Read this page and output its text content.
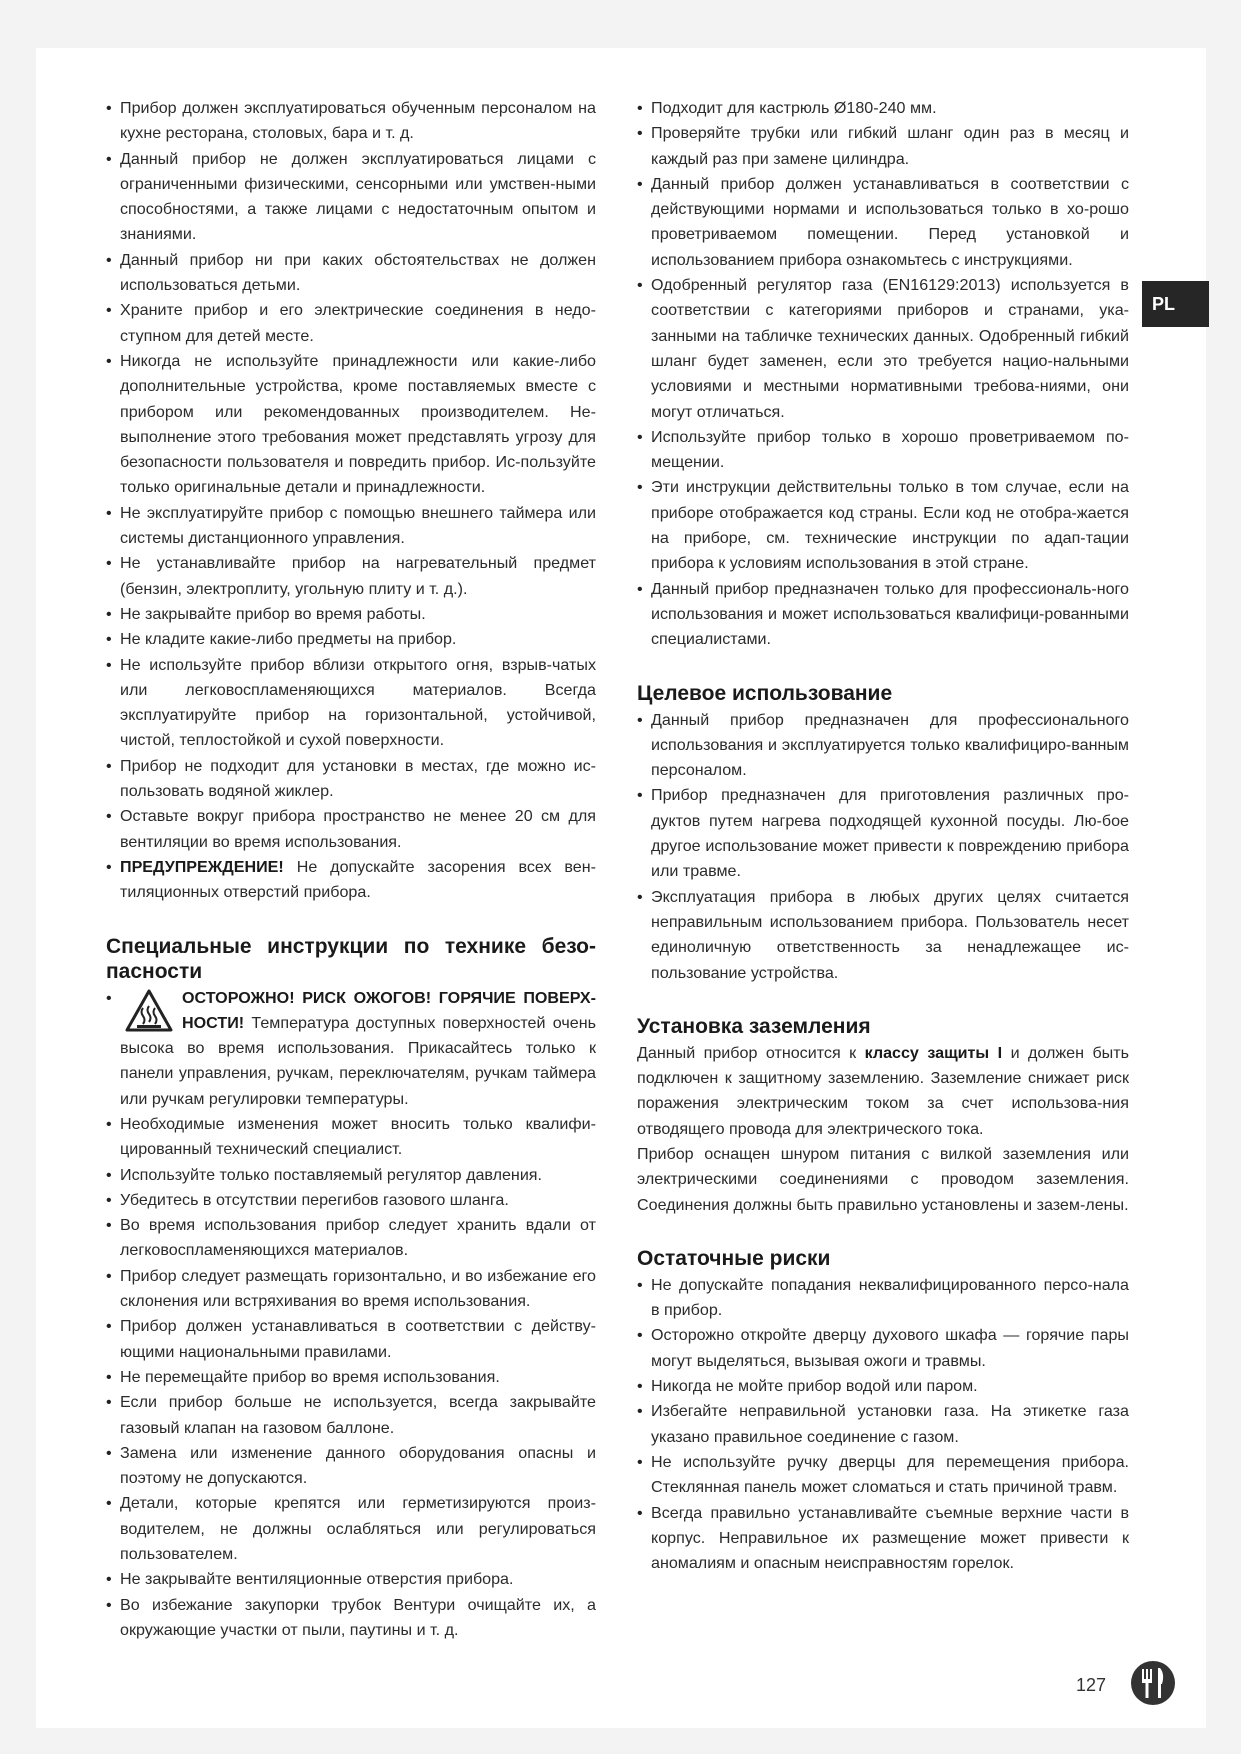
PL
• Прибор должен эксплуатироваться обученным персоналом на кухне ресторана, столовых, бара и т. д.
• Данный прибор не должен эксплуатироваться лицами с ограниченными физическими, сенсорными или умствен-ными способностями, а также лицами с недостаточным опытом и знаниями.
• Данный прибор ни при каких обстоятельствах не должен использоваться детьми.
• Храните прибор и его электрические соединения в недо-ступном для детей месте.
• Никогда не используйте принадлежности или какие-либо дополнительные устройства, кроме поставляемых вместе с прибором или рекомендованных производителем. Не-выполнение этого требования может представлять угрозу для безопасности пользователя и повредить прибор. Ис-пользуйте только оригинальные детали и принадлежности.
• Не эксплуатируйте прибор с помощью внешнего таймера или системы дистанционного управления.
• Не устанавливайте прибор на нагревательный предмет (бензин, электроплиту, угольную плиту и т. д.).
• Не закрывайте прибор во время работы.
• Не кладите какие-либо предметы на прибор.
• Не используйте прибор вблизи открытого огня, взрыв-чатых или легковоспламеняющихся материалов. Всегда эксплуатируйте прибор на горизонтальной, устойчивой, чистой, теплостойкой и сухой поверхности.
• Прибор не подходит для установки в местах, где можно ис-пользовать водяной жиклер.
• Оставьте вокруг прибора пространство не менее 20 см для вентиляции во время использования.
• ПРЕДУПРЕЖДЕНИЕ! Не допускайте засорения всех вен-тиляционных отверстий прибора.
Специальные инструкции по технике безо-пасности
• ОСТОРОЖНО! РИСК ОЖОГОВ! ГОРЯЧИЕ ПОВЕРХ-НОСТИ! Температура доступных поверхностей очень высока во время использования. Прикасайтесь только к панели управления, ручкам, переключателям, ручкам таймера или ручкам регулировки температуры.
• Необходимые изменения может вносить только квалифи-цированный технический специалист.
• Используйте только поставляемый регулятор давления.
• Убедитесь в отсутствии перегибов газового шланга.
• Во время использования прибор следует хранить вдали от легковоспламеняющихся материалов.
• Прибор следует размещать горизонтально, и во избежание его склонения или встряхивания во время использования.
• Прибор должен устанавливаться в соответствии с действу-ющими национальными правилами.
• Не перемещайте прибор во время использования.
• Если прибор больше не используется, всегда закрывайте газовый клапан на газовом баллоне.
• Замена или изменение данного оборудования опасны и поэтому не допускаются.
• Детали, которые крепятся или герметизируются произ-водителем, не должны ослабляться или регулироваться пользователем.
• Не закрывайте вентиляционные отверстия прибора.
• Во избежание закупорки трубок Вентури очищайте их, а окружающие участки от пыли, паутины и т. д.
• Подходит для кастрюль Ø180-240 мм.
• Проверяйте трубки или гибкий шланг один раз в месяц и каждый раз при замене цилиндра.
• Данный прибор должен устанавливаться в соответствии с действующими нормами и использоваться только в хо-рошо проветриваемом помещении. Перед установкой и использованием прибора ознакомьтесь с инструкциями.
• Одобренный регулятор газа (EN16129:2013) используется в соответствии с категориями приборов и странами, ука-занными на табличке технических данных. Одобренный гибкий шланг будет заменен, если это требуется нацио-нальными условиями и местными нормативными требова-ниями, они могут отличаться.
• Используйте прибор только в хорошо проветриваемом по-мещении.
• Эти инструкции действительны только в том случае, если на приборе отображается код страны. Если код не отобра-жается на приборе, см. технические инструкции по адап-тации прибора к условиям использования в этой стране.
• Данный прибор предназначен только для профессиональ-ного использования и может использоваться квалифици-рованными специалистами.
Целевое использование
• Данный прибор предназначен для профессионального использования и эксплуатируется только квалифициро-ванным персоналом.
• Прибор предназначен для приготовления различных про-дуктов путем нагрева подходящей кухонной посуды. Лю-бое другое использование может привести к повреждению прибора или травме.
• Эксплуатация прибора в любых других целях считается неправильным использованием прибора. Пользователь несет единоличную ответственность за ненадлежащее ис-пользование устройства.
Установка заземления

Данный прибор относится к классу защиты I и должен быть подключен к защитному заземлению. Заземление снижает риск поражения электрическим током за счет использова-ния отводящего провода для электрического тока.

Прибор оснащен шнуром питания с вилкой заземления или электрическими соединениями с проводом заземления. Соединения должны быть правильно установлены и зазем-лены.

Остаточные риски
• Не допускайте попадания неквалифицированного персо-нала в прибор.
• Осторожно откройте дверцу духового шкафа — горячие пары могут выделяться, вызывая ожоги и травмы.
• Никогда не мойте прибор водой или паром.
• Избегайте неправильной установки газа. На этикетке газа указано правильное соединение с газом.
• Не используйте ручку дверцы для перемещения прибора. Стеклянная панель может сломаться и стать причиной травм.
• Всегда правильно устанавливайте съемные верхние части в корпус. Неправильное их размещение может привести к аномалиям и опасным неисправностям горелок.
127
